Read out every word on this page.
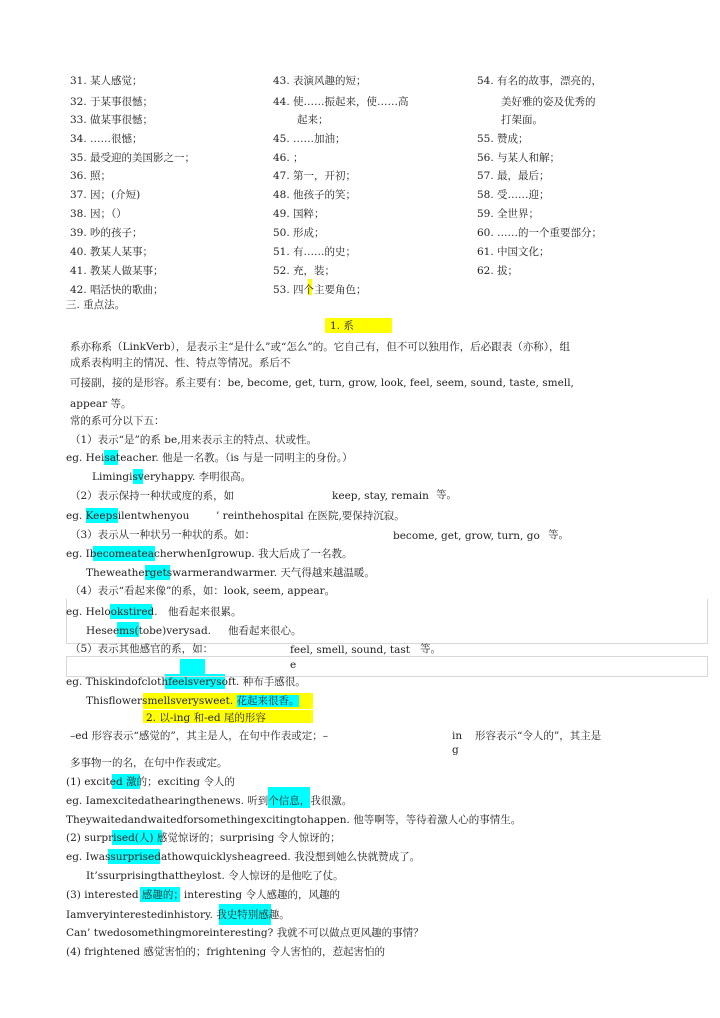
31. 某人感觉；
32. 于某事很憾；
33. 做某事很憾；
34. ……很憾；
35. 最受迎的美国影之一；
36. 照；
37. 因；(介短)
38. 因；（）
39. 吵的孩子；
40. 教某人某事；
41. 教某人做某事；
42. 唱活快的歌曲；
43. 表演风趣的短；
44. 使……振起来，使……高
起来；
45. ……加油；
46. ；
47. 第一，开初；
48. 他孩子的笑；
49. 国粹；
50. 形成；
51. 有……的史；
52. 充，装；
53. 四个主要角色；
54. 有名的故事，漂亮的，
美好雅的姿及优秀的
打架面。
55. 赞成；
56. 与某人和解；
57. 最，最后；
58. 受……迎；
59. 全世界；
60. ……的一个重要部分；
61. 中国文化；
62. 拔；
三. 重点法。
1. 系
系亦称系（LinkVerb），是表示主“是什么”或“怎么”的。它自己有，但不可以独用作，后必跟表（亦称），组
成系表构明主的情况、性、特点等情况。系后不
可接副，接的是形容。系主要有：be, become, get, turn, grow, look, feel, seem, sound, taste, smell,
appear 等。
常的系可分以下五：
（1）表示“是”的系 be,用来表示主的特点、状或性。
eg. Heisateacher. 他是一名教。（is 与是一同明主的身份。）
Limingisveryhappy. 李明很高。
（2）表示保持一种状或度的系，如	keep, stay, remain 等。
eg. Keepsilentwhenyou	’ reinthehospital 在医院,要保持沉寂。
（3）表示从一种状另一种状的系。如：	become, get, grow, turn, go 等。
eg. IbecomeateacherwhenIgrowup. 我大后成了一名教。
Theweathergetswarmerandwarmer. 天气得越来越温暖。
（4）表示“看起来像”的系，如：look, seem, appear。
eg. Helookstired. 他看起来很累。
Heseems(tobe)verysad. 他看起来很心。
（5）表示其他感官的系，如：	feel, smell, sound, tast
e
等。
eg. Thiskindofclothfeelsverysoft. 种布手感很。
Thisflowersmellsverysweet. 花起来很香。
2. 以-ing 和-ed 尾的形容
–ed 形容表示“感觉的”，其主是人，在句中作表或定；–	in
g
形容表示“令人的”，其主是
多事物一的名，在句中作表或定。
(1) excited 激的；exciting 令人的
eg. Iamexcitedathearingthenews. 听到个信息，我很激。
Theywaitedandwaitedforsomethingexcitingtohappen. 他等啊等，等待着激人心的事情生。
(2) surprised(人) 感觉惊讶的；surprising 令人惊讶的；
eg. Iwassurprisedathowquicklysheagreed. 我没想到她么快就赞成了。
It’ssurprisingthattheylost. 令人惊讶的是他吃了仗。
(3) interested 感趣的；interesting 令人感趣的，风趣的
Iamveryinterestedinhistory. 我史特别感趣。
Can’ twedosomethingmoreinteresting? 我就不可以做点更风趣的事情？
(4) frightened 感觉害怕的；frightening 令人害怕的，惹起害怕的
